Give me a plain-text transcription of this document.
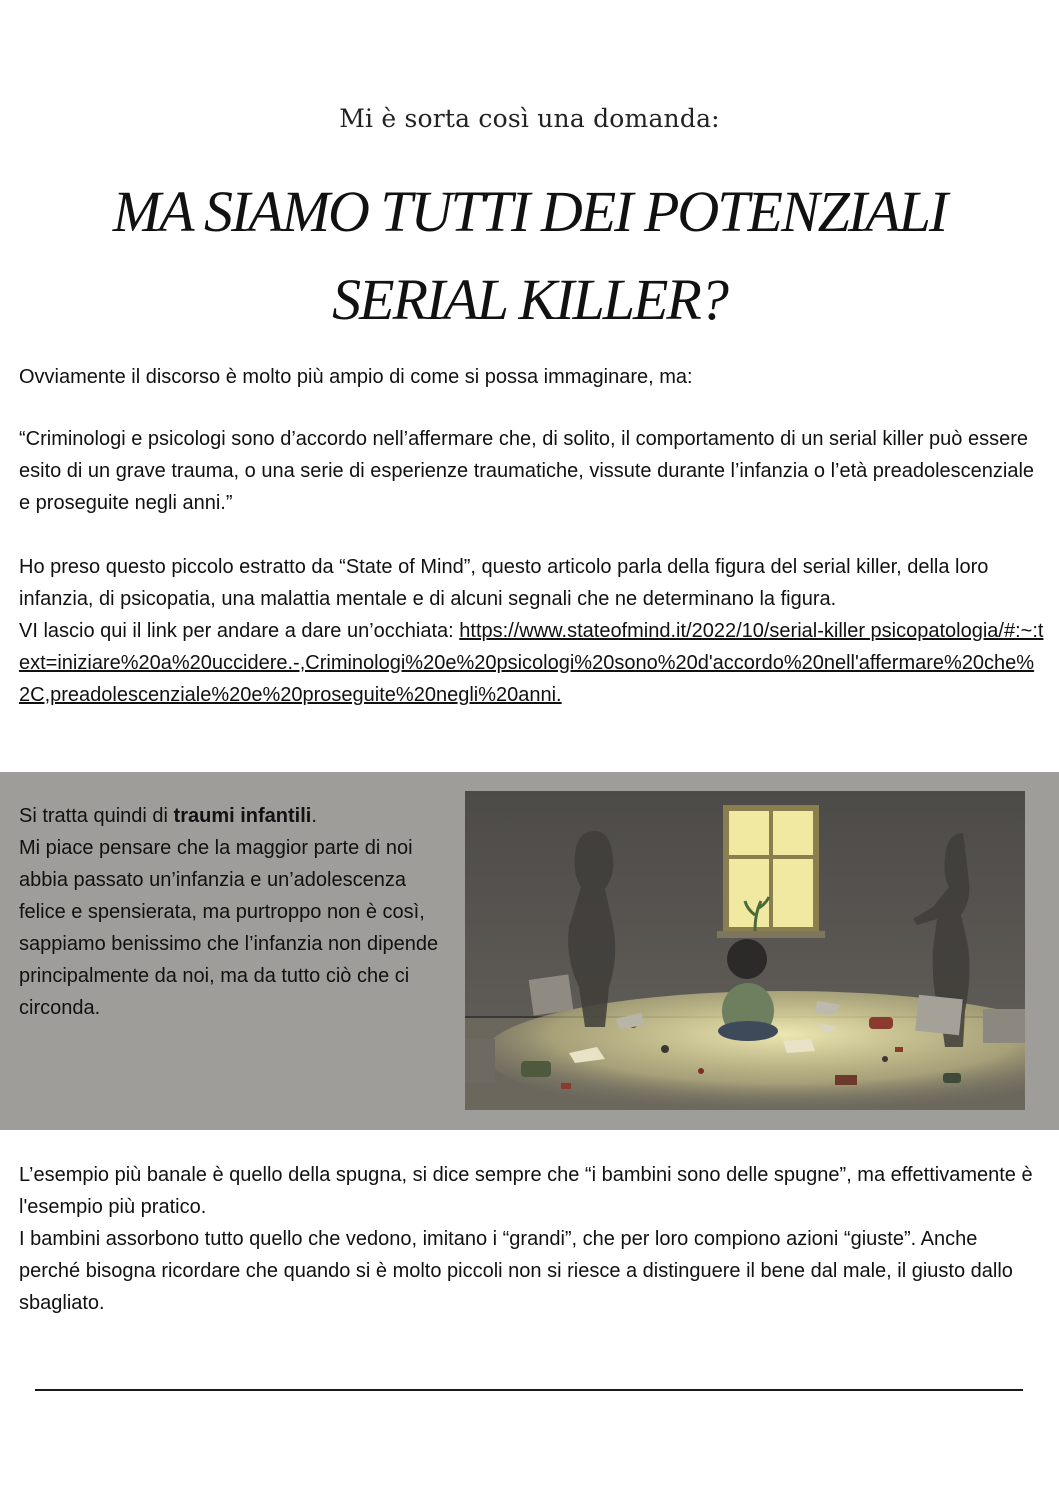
Mi è sorta così una domanda:
MA SIAMO TUTTI DEI POTENZIALI
SERIAL KILLER?

Ovviamente il discorso è molto più ampio di come si possa immaginare, ma:

“Criminologi e psicologi sono d’accordo nell’affermare che, di solito, il comportamento di un serial killer può essere esito di un grave trauma, o una serie di esperienze traumatiche, vissute durante l’infanzia o l’età preadolescenziale e proseguite negli anni.”

Ho preso questo piccolo estratto da “State of Mind”, questo articolo parla della figura del serial killer, della loro infanzia, di psicopatia, una malattia mentale e di alcuni segnali che ne determinano la figura.
VI lascio qui il link per andare a dare un’occhiata: https://www.stateofmind.it/2022/10/serial-killer psicopatologia/#:~:text=iniziare%20a%20uccidere.-,Criminologi%20e%20psicologi%20sono%20d'accordo%20nell'affermare%20che%2C,preadolescenziale%20e%20proseguite%20negli%20anni.
Si tratta quindi di traumi infantili.
Mi piace pensare che la maggior parte di noi abbia passato un’infanzia e un’adolescenza felice e spensierata, ma purtroppo non è così, sappiamo benissimo che l’infanzia non dipende principalmente da noi, ma da tutto ciò che ci circonda.

L’esempio più banale è quello della spugna, si dice sempre che “i bambini sono delle spugne”, ma effettivamente è l'esempio più pratico.

I bambini assorbono tutto quello che vedono, imitano i “grandi”, che per loro compiono azioni “giuste”. Anche perché bisogna ricordare che quando si è molto piccoli non si riesce a distinguere il bene dal male, il giusto dallo sbagliato.
